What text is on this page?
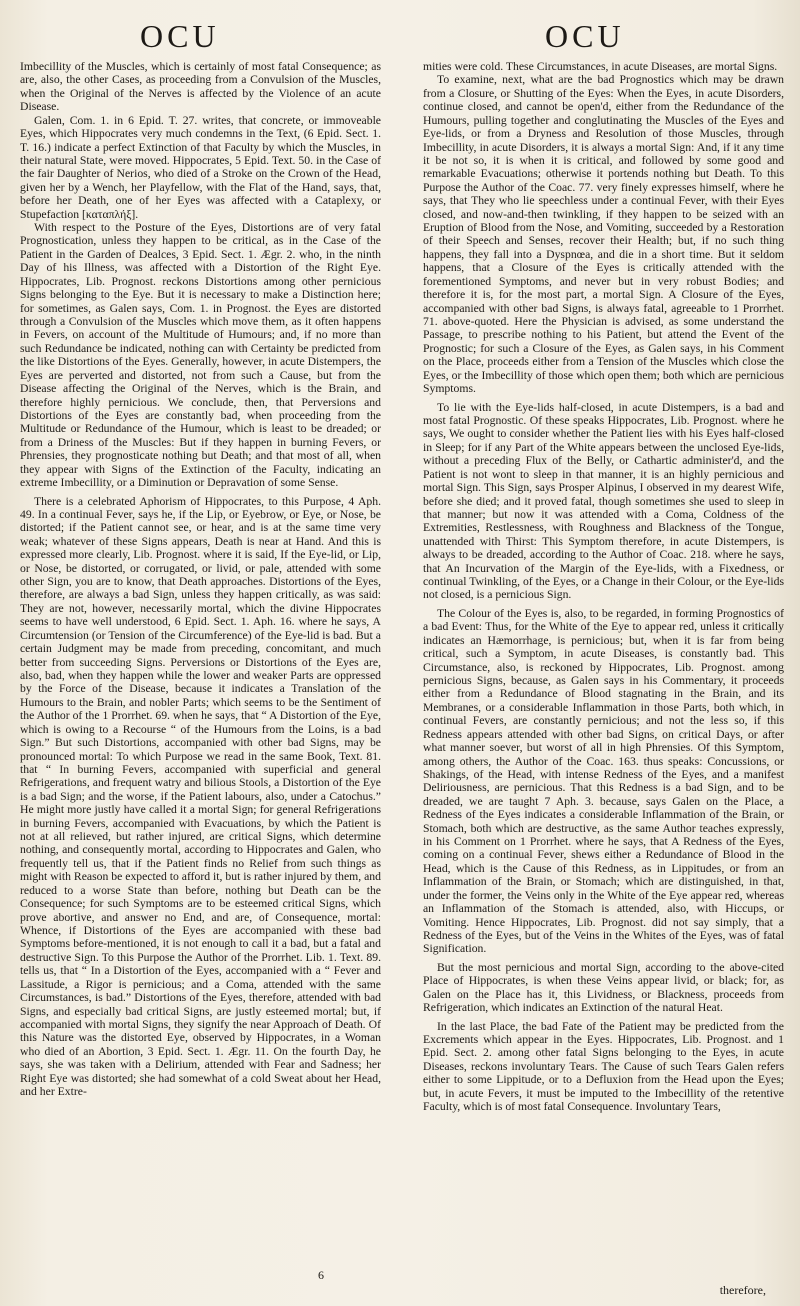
OCU	OCU

Imbecillity of the Muscles, which is certainly of most fatal Consequence; as are, also, the other Cases, as proceeding from a Convulsion of the Muscles, when the Original of the Nerves is affected by the Violence of an acute Disease.

Galen, Com. 1. in 6 Epid. T. 27. writes, that concrete, or immoveable Eyes, which Hippocrates very much condemns in the Text, (6 Epid. Sect. 1. T. 16.) indicate a perfect Extinction of that Faculty by which the Muscles, in their natural State, were moved. Hippocrates, 5 Epid. Text. 50. in the Case of the fair Daughter of Nerios, who died of a Stroke on the Crown of the Head, given her by a Wench, her Playfellow, with the Flat of the Hand, says, that, before her Death, one of her Eyes was affected with a Cataplexy, or Stupefaction [καταπλήξ].

With respect to the Posture of the Eyes, Distortions are of very fatal Prognostication, unless they happen to be critical, as in the Case of the Patient in the Garden of Dealces, 3 Epid. Sect. 1. Ægr. 2. who, in the ninth Day of his Illness, was affected with a Distortion of the Right Eye. Hippocrates, Lib. Prognost. reckons Distortions among other pernicious Signs belonging to the Eye. But it is necessary to make a Distinction here; for sometimes, as Galen says, Com. 1. in Prognost. the Eyes are distorted through a Convulsion of the Muscles which move them, as it often happens in Fevers, on account of the Multitude of Humours; and, if no more than such Redundance be indicated, nothing can with Certainty be predicted from the like Distortions of the Eyes. Generally, however, in acute Distempers, the Eyes are perverted and distorted, not from such a Cause, but from the Disease affecting the Original of the Nerves, which is the Brain, and therefore highly pernicious. We conclude, then, that Perversions and Distortions of the Eyes are constantly bad, when proceeding from the Multitude or Redundance of the Humour, which is least to be dreaded; or from a Driness of the Muscles: But if they happen in burning Fevers, or Phrensies, they prognosticate nothing but Death; and that most of all, when they appear with Signs of the Extinction of the Faculty, indicating an extreme Imbecillity, or a Diminution or Depravation of some Sense.

There is a celebrated Aphorism of Hippocrates, to this Purpose, 4 Aph. 49. In a continual Fever, says he, if the Lip, or Eyebrow, or Eye, or Nose, be distorted; if the Patient cannot see, or hear, and is at the same time very weak; whatever of these Signs appears, Death is near at Hand. And this is expressed more clearly, Lib. Prognost. where it is said, If the Eye-lid, or Lip, or Nose, be distorted, or corrugated, or livid, or pale, attended with some other Sign, you are to know, that Death approaches. Distortions of the Eyes, therefore, are always a bad Sign, unless they happen critically, as was said: They are not, however, necessarily mortal, which the divine Hippocrates seems to have well understood, 6 Epid. Sect. 1. Aph. 16. where he says, A Circumtension (or Tension of the Circumference) of the Eye-lid is bad. But a certain Judgment may be made from preceding, concomitant, and much better from succeeding Signs. Perversions or Distortions of the Eyes are, also, bad, when they happen while the lower and weaker Parts are oppressed by the Force of the Disease, because it indicates a Translation of the Humours to the Brain, and nobler Parts; which seems to be the Sentiment of the Author of the 1 Prorrhet. 69. when he says, that “ A Distortion of the Eye, which is owing to a Recourse “ of the Humours from the Loins, is a bad Sign.” But such Distortions, accompanied with other bad Signs, may be pronounced mortal: To which Purpose we read in the same Book, Text. 81. that “ In burning Fevers, accompanied with superficial and general Refrigerations, and frequent watry and bilious Stools, a Distortion of the Eye is a bad Sign; and the worse, if the Patient labours, also, under a Catochus.” He might more justly have called it a mortal Sign; for general Refrigerations in burning Fevers, accompanied with Evacuations, by which the Patient is not at all relieved, but rather injured, are critical Signs, which determine nothing, and consequently mortal, according to Hippocrates and Galen, who frequently tell us, that if the Patient finds no Relief from such things as might with Reason be expected to afford it, but is rather injured by them, and reduced to a worse State than before, nothing but Death can be the Consequence; for such Symptoms are to be esteemed critical Signs, which prove abortive, and answer no End, and are, of Consequence, mortal: Whence, if Distortions of the Eyes are accompanied with these bad Symptoms before-mentioned, it is not enough to call it a bad, but a fatal and destructive Sign. To this Purpose the Author of the Prorrhet. Lib. 1. Text. 89. tells us, that “ In a Distortion of the Eyes, accompanied with a “ Fever and Lassitude, a Rigor is pernicious; and a Coma, attended with the same Circumstances, is bad.” Distortions of the Eyes, therefore, attended with bad Signs, and especially bad critical Signs, are justly esteemed mortal; but, if accompanied with mortal Signs, they signify the near Approach of Death. Of this Nature was the distorted Eye, observed by Hippocrates, in a Woman who died of an Abortion, 3 Epid. Sect. 1. Ægr. 11. On the fourth Day, he says, she was taken with a Delirium, attended with Fear and Sadness; her Right Eye was distorted; she had somewhat of a cold Sweat about her Head, and her Extre-

mities were cold. These Circumstances, in acute Diseases, are mortal Signs.

To examine, next, what are the bad Prognostics which may be drawn from a Closure, or Shutting of the Eyes: When the Eyes, in acute Disorders, continue closed, and cannot be open'd, either from the Redundance of the Humours, pulling together and conglutinating the Muscles of the Eyes and Eye-lids, or from a Dryness and Resolution of those Muscles, through Imbecillity, in acute Disorders, it is always a mortal Sign: And, if it any time it be not so, it is when it is critical, and followed by some good and remarkable Evacuations; otherwise it portends nothing but Death. To this Purpose the Author of the Coac. 77. very finely expresses himself, where he says, that They who lie speechless under a continual Fever, with their Eyes closed, and now-and-then twinkling, if they happen to be seized with an Eruption of Blood from the Nose, and Vomiting, succeeded by a Restoration of their Speech and Senses, recover their Health; but, if no such thing happens, they fall into a Dyspnœa, and die in a short time. But it seldom happens, that a Closure of the Eyes is critically attended with the forementioned Symptoms, and never but in very robust Bodies; and therefore it is, for the most part, a mortal Sign. A Closure of the Eyes, accompanied with other bad Signs, is always fatal, agreeable to 1 Prorrhet. 71. above-quoted. Here the Physician is advised, as some understand the Passage, to prescribe nothing to his Patient, but attend the Event of the Prognostic; for such a Closure of the Eyes, as Galen says, in his Comment on the Place, proceeds either from a Tension of the Muscles which close the Eyes, or the Imbecillity of those which open them; both which are pernicious Symptoms.

To lie with the Eye-lids half-closed, in acute Distempers, is a bad and most fatal Prognostic. Of these speaks Hippocrates, Lib. Prognost. where he says, We ought to consider whether the Patient lies with his Eyes half-closed in Sleep; for if any Part of the White appears between the unclosed Eye-lids, without a preceding Flux of the Belly, or Cathartic administer'd, and the Patient is not wont to sleep in that manner, it is an highly pernicious and mortal Sign. This Sign, says Prosper Alpinus, I observed in my dearest Wife, before she died; and it proved fatal, though sometimes she used to sleep in that manner; but now it was attended with a Coma, Coldness of the Extremities, Restlessness, with Roughness and Blackness of the Tongue, unattended with Thirst: This Symptom therefore, in acute Distempers, is always to be dreaded, according to the Author of Coac. 218. where he says, that An Incurvation of the Margin of the Eye-lids, with a Fixedness, or continual Twinkling, of the Eyes, or a Change in their Colour, or the Eye-lids not closed, is a pernicious Sign.

The Colour of the Eyes is, also, to be regarded, in forming Prognostics of a bad Event: Thus, for the White of the Eye to appear red, unless it critically indicates an Hæmorrhage, is pernicious; but, when it is far from being critical, such a Symptom, in acute Diseases, is constantly bad. This Circumstance, also, is reckoned by Hippocrates, Lib. Prognost. among pernicious Signs, because, as Galen says in his Commentary, it proceeds either from a Redundance of Blood stagnating in the Brain, and its Membranes, or a considerable Inflammation in those Parts, both which, in continual Fevers, are constantly pernicious; and not the less so, if this Redness appears attended with other bad Signs, on critical Days, or after what manner soever, but worst of all in high Phrensies. Of this Symptom, among others, the Author of the Coac. 163. thus speaks: Concussions, or Shakings, of the Head, with intense Redness of the Eyes, and a manifest Deliriousness, are pernicious. That this Redness is a bad Sign, and to be dreaded, we are taught 7 Aph. 3. because, says Galen on the Place, a Redness of the Eyes indicates a considerable Inflammation of the Brain, or Stomach, both which are destructive, as the same Author teaches expressly, in his Comment on 1 Prorrhet. where he says, that A Redness of the Eyes, coming on a continual Fever, shews either a Redundance of Blood in the Head, which is the Cause of this Redness, as in Lippitudes, or from an Inflammation of the Brain, or Stomach; which are distinguished, in that, under the former, the Veins only in the White of the Eye appear red, whereas an Inflammation of the Stomach is attended, also, with Hiccups, or Vomiting. Hence Hippocrates, Lib. Prognost. did not say simply, that a Redness of the Eyes, but of the Veins in the Whites of the Eyes, was of fatal Signification.

But the most pernicious and mortal Sign, according to the above-cited Place of Hippocrates, is when these Veins appear livid, or black; for, as Galen on the Place has it, this Lividness, or Blackness, proceeds from Refrigeration, which indicates an Extinction of the natural Heat.

In the last Place, the bad Fate of the Patient may be predicted from the Excrements which appear in the Eyes. Hippocrates, Lib. Prognost. and 1 Epid. Sect. 2. among other fatal Signs belonging to the Eyes, in acute Diseases, reckons involuntary Tears. The Cause of such Tears Galen refers either to some Lippitude, or to a Defluxion from the Head upon the Eyes; but, in acute Fevers, it must be imputed to the Imbecillity of the retentive Faculty, which is of most fatal Consequence. Involuntary Tears,

6
therefore,
